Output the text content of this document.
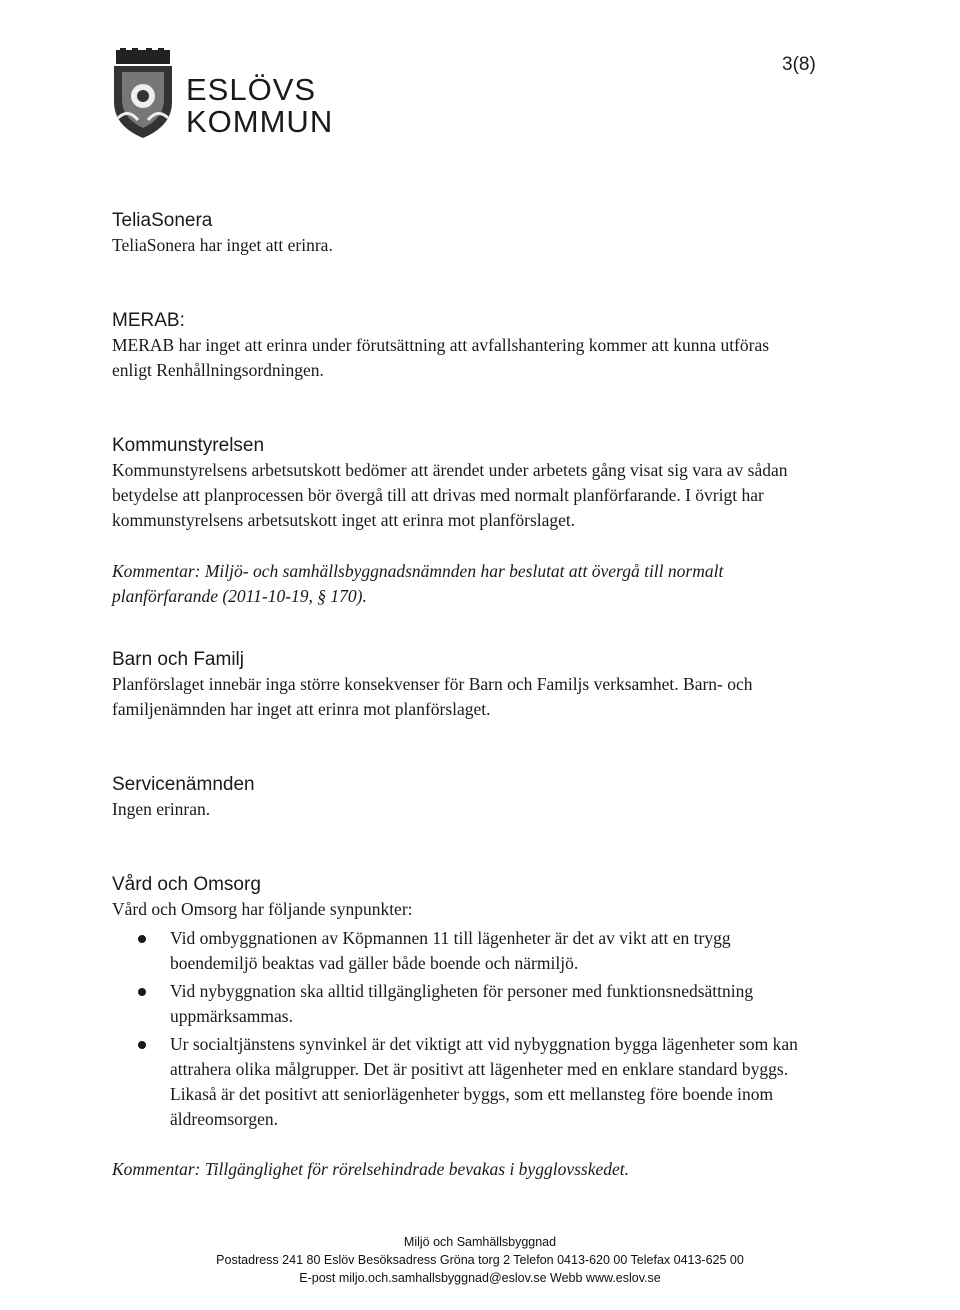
ESLÖVS
KOMMUN
3(8)
TeliaSonera
TeliaSonera har inget att erinra.
MERAB:
MERAB har inget att erinra under förutsättning att avfallshantering kommer att kunna utföras enligt Renhållningsordningen.
Kommunstyrelsen
Kommunstyrelsens arbetsutskott bedömer att ärendet under arbetets gång visat sig vara av sådan betydelse att planprocessen bör övergå till att drivas med normalt planförfarande. I övrigt har kommunstyrelsens arbetsutskott inget att erinra mot planförslaget.
Kommentar: Miljö- och samhällsbyggnadsnämnden har beslutat att övergå till normalt planförfarande (2011-10-19, § 170).
Barn och Familj
Planförslaget innebär inga större konsekvenser för Barn och Familjs verksamhet. Barn- och familjenämnden har inget att erinra mot planförslaget.
Servicenämnden
Ingen erinran.
Vård och Omsorg
Vård och Omsorg har följande synpunkter:
Vid ombyggnationen av Köpmannen 11 till lägenheter är det av vikt att en trygg boendemiljö beaktas vad gäller både boende och närmiljö.
Vid nybyggnation ska alltid tillgängligheten för personer med funktionsnedsättning uppmärksammas.
Ur socialtjänstens synvinkel är det viktigt att vid nybyggnation bygga lägenheter som kan attrahera olika målgrupper. Det är positivt att lägenheter med en enklare standard byggs. Likaså är det positivt att seniorlägenheter byggs, som ett mellansteg före boende inom äldreomsorgen.
Kommentar: Tillgänglighet för rörelsehindrade bevakas i bygglovsskedet.
Miljö och Samhällsbyggnad
Postadress 241 80 Eslöv Besöksadress Gröna torg 2 Telefon 0413-620 00 Telefax 0413-625 00
E-post miljo.och.samhallsbyggnad@eslov.se Webb www.eslov.se
